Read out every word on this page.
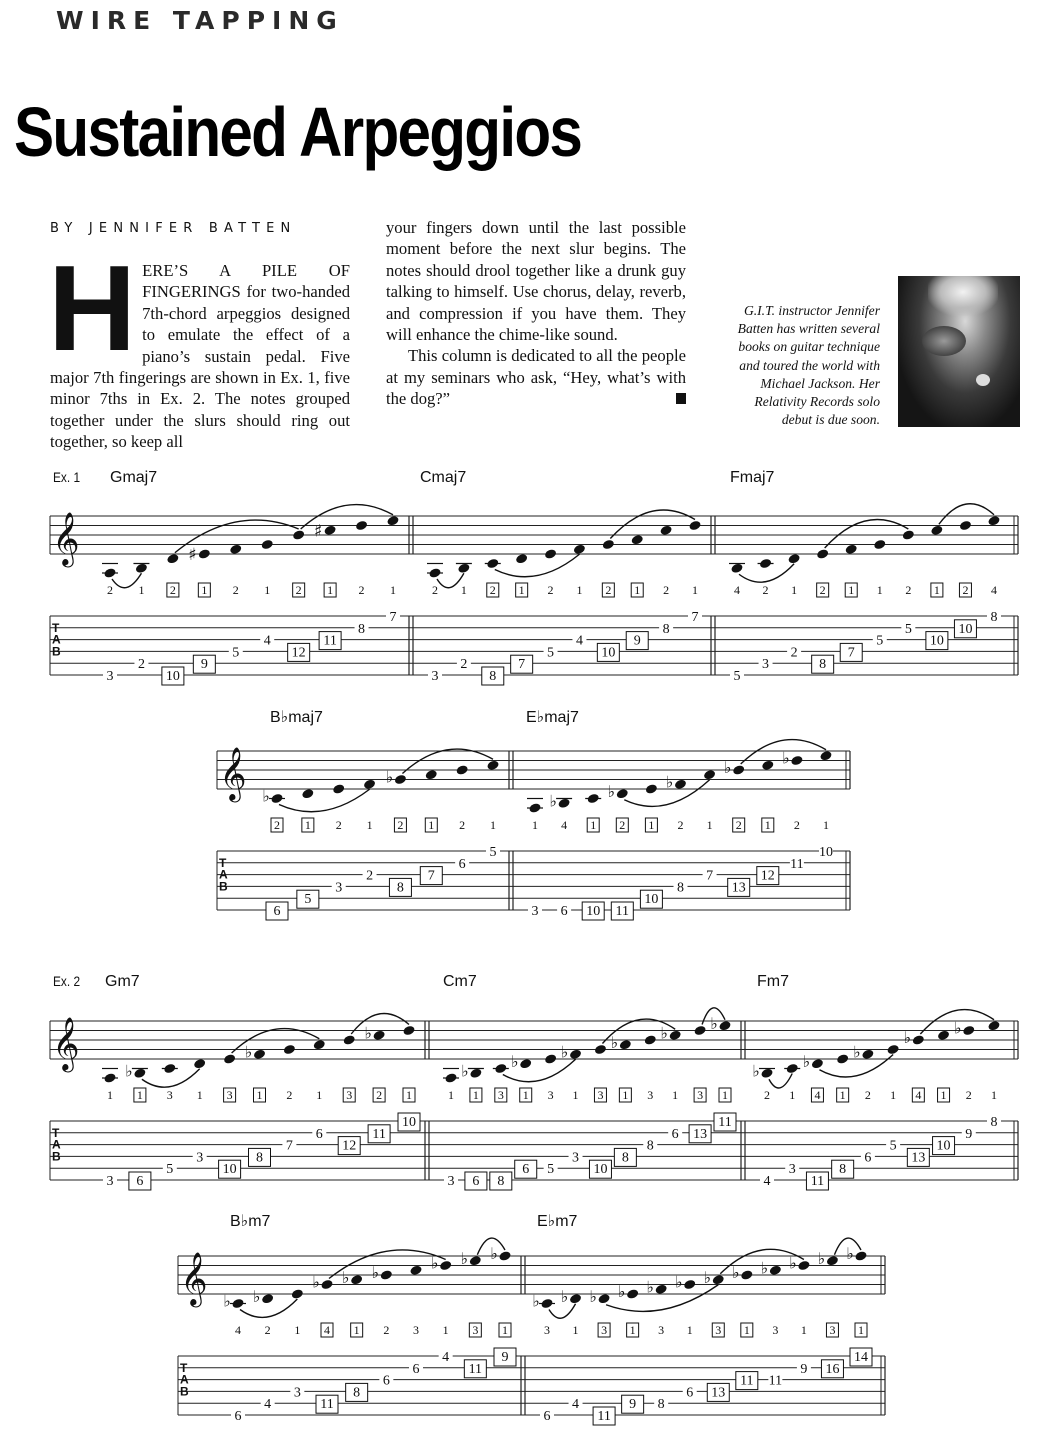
WIRE TAPPING
Sustained Arpeggios
BY JENNIFER BATTEN
H ERE’S A PILE OF FINGERINGS for two-handed 7th-chord arpeggios designed to emulate the effect of a piano’s sustain pedal. Five major 7th fingerings are shown in Ex. 1, five minor 7ths in Ex. 2. The notes grouped together under the slurs should ring out together, so keep all

your fingers down until the last possible moment before the next slur begins. The notes should drool together like a drunk guy talking to himself. Use chorus, delay, reverb, and compression if you have them. They will enhance the chime-like sound.

This column is dedicated to all the people at my seminars who ask, “Hey, what’s with the dog?”

G.I.T. instructor Jennifer Batten has written several books on guitar technique and toured the world with Michael Jackson. Her Relativity Records solo debut is due soon.
Ex. 1
𝄞
T
A
B
Gmaj7
2
3
1
2
2
10
♯
1
9
2
5
1
4
2
12
♯
1
11
2
8
1
7
Cmaj7
2
3
1
2
2
8
1
7
2
5
1
4
2
10
1
9
2
8
1
7
Fmaj7
4
5
2
3
1
2
2
8
1
7
1
5
2
5
1
10
2
10
4
8
𝄞
T
A
B
B♭maj7
♭
2
6
1
5
2
3
1
2
♭
2
8
1
7
2
6
1
5
E♭maj7
1
3
♭
4
6
1
10
♭
2
11
1
10
♭
2
8
1
7
♭
2
13
1
12
♭
2
11
1
10
Ex. 2
𝄞
T
A
B
Gm7
1
3
♭
1
6
3
5
1
3
3
10
♭
1
8
2
7
1
6
3
12
♭
2
11
1
10
Cm7
1
3
♭
1
6
3
8
♭
1
6
3
5
♭
1
3
3
10
♭
1
8
3
8
♭
1
6
3
13
♭
1
11
Fm7
♭
2
4
1
3
♭
4
11
1
8
♭
2
6
1
5
♭
4
13
1
10
♭
2
9
1
8
𝄞
T
A
B
B♭m7
♭
4
6
♭
2
4
1
3
♭
4
11
♭
1
8
♭
2
6
3
6
♭
1
4
♭
3
11
♭
1
9
E♭m7
♭
3
6
♭
1
4
♭
3
11
♭
1
9
♭
3
8
♭
1
6
♭
3
13
♭
1
11
♭
3
11
♭
1
9
♭
3
16
♭
1
14
